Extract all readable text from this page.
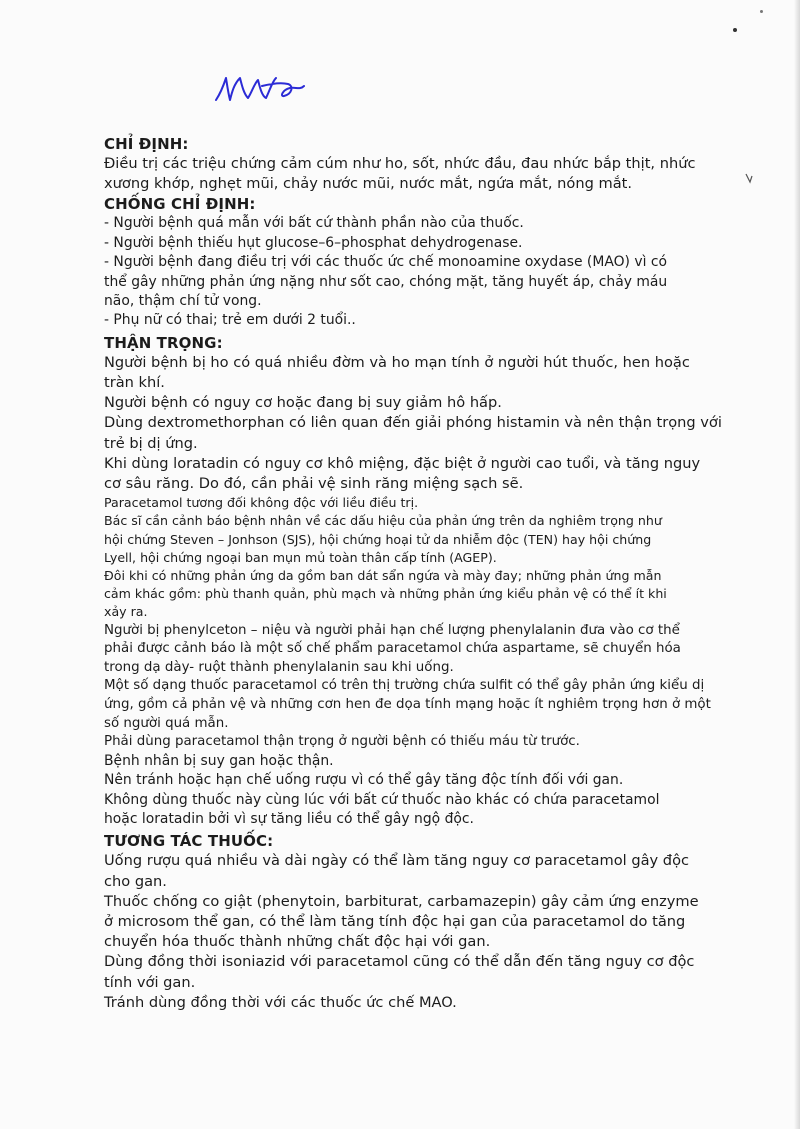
CHỈ ĐỊNH:

Điều trị các triệu chứng cảm cúm như ho, sốt, nhức đầu, đau nhức bắp thịt, nhức

xương khớp, nghẹt mũi, chảy nước mũi, nước mắt, ngứa mắt, nóng mắt.

CHỐNG CHỈ ĐỊNH:

- Người bệnh quá mẫn với bất cứ thành phần nào của thuốc.

- Người bệnh thiếu hụt glucose–6–phosphat dehydrogenase.

- Người bệnh đang điều trị với các thuốc ức chế monoamine oxydase (MAO) vì có

thể gây những phản ứng nặng như sốt cao, chóng mặt, tăng huyết áp, chảy máu

não, thậm chí tử vong.

- Phụ nữ có thai; trẻ em dưới 2 tuổi..

THẬN TRỌNG:

Người bệnh bị ho có quá nhiều đờm và ho mạn tính ở người hút thuốc, hen hoặc

tràn khí.

Người bệnh có nguy cơ hoặc đang bị suy giảm hô hấp.

Dùng dextromethorphan có liên quan đến giải phóng histamin và nên thận trọng với

trẻ bị dị ứng.

Khi dùng loratadin có nguy cơ khô miệng, đặc biệt ở người cao tuổi, và tăng nguy

cơ sâu răng. Do đó, cần phải vệ sinh răng miệng sạch sẽ.

Paracetamol tương đối không độc với liều điều trị.

Bác sĩ cần cảnh báo bệnh nhân về các dấu hiệu của phản ứng trên da nghiêm trọng như

hội chứng Steven – Jonhson (SJS), hội chứng hoại tử da nhiễm độc (TEN) hay hội chứng

Lyell, hội chứng ngoại ban mụn mủ toàn thân cấp tính (AGEP).

Đôi khi có những phản ứng da gồm ban dát sẩn ngứa và mày đay; những phản ứng mẫn

cảm khác gồm: phù thanh quản, phù mạch và những phản ứng kiểu phản vệ có thể ít khi

xảy ra.

Người bị phenylceton – niệu và người phải hạn chế lượng phenylalanin đưa vào cơ thể

phải được cảnh báo là một số chế phẩm paracetamol chứa aspartame, sẽ chuyển hóa

trong dạ dày- ruột thành phenylalanin sau khi uống.

Một số dạng thuốc paracetamol có trên thị trường chứa sulfit có thể gây phản ứng kiểu dị

ứng, gồm cả phản vệ và những cơn hen đe dọa tính mạng hoặc ít nghiêm trọng hơn ở một

số người quá mẫn.

Phải dùng paracetamol thận trọng ở người bệnh có thiếu máu từ trước.

Bệnh nhân bị suy gan hoặc thận.

Nên tránh hoặc hạn chế uống rượu vì có thể gây tăng độc tính đối với gan.

Không dùng thuốc này cùng lúc với bất cứ thuốc nào khác có chứa paracetamol

hoặc loratadin bởi vì sự tăng liều có thể gây ngộ độc.

TƯƠNG TÁC THUỐC:

Uống rượu quá nhiều và dài ngày có thể làm tăng nguy cơ paracetamol gây độc

cho gan.

Thuốc chống co giật (phenytoin, barbiturat, carbamazepin) gây cảm ứng enzyme

ở microsom thể gan, có thể làm tăng tính độc hại gan của paracetamol do tăng

chuyển hóa thuốc thành những chất độc hại với gan.

Dùng đồng thời isoniazid với paracetamol cũng có thể dẫn đến tăng nguy cơ độc

tính với gan.

Tránh dùng đồng thời với các thuốc ức chế MAO.
